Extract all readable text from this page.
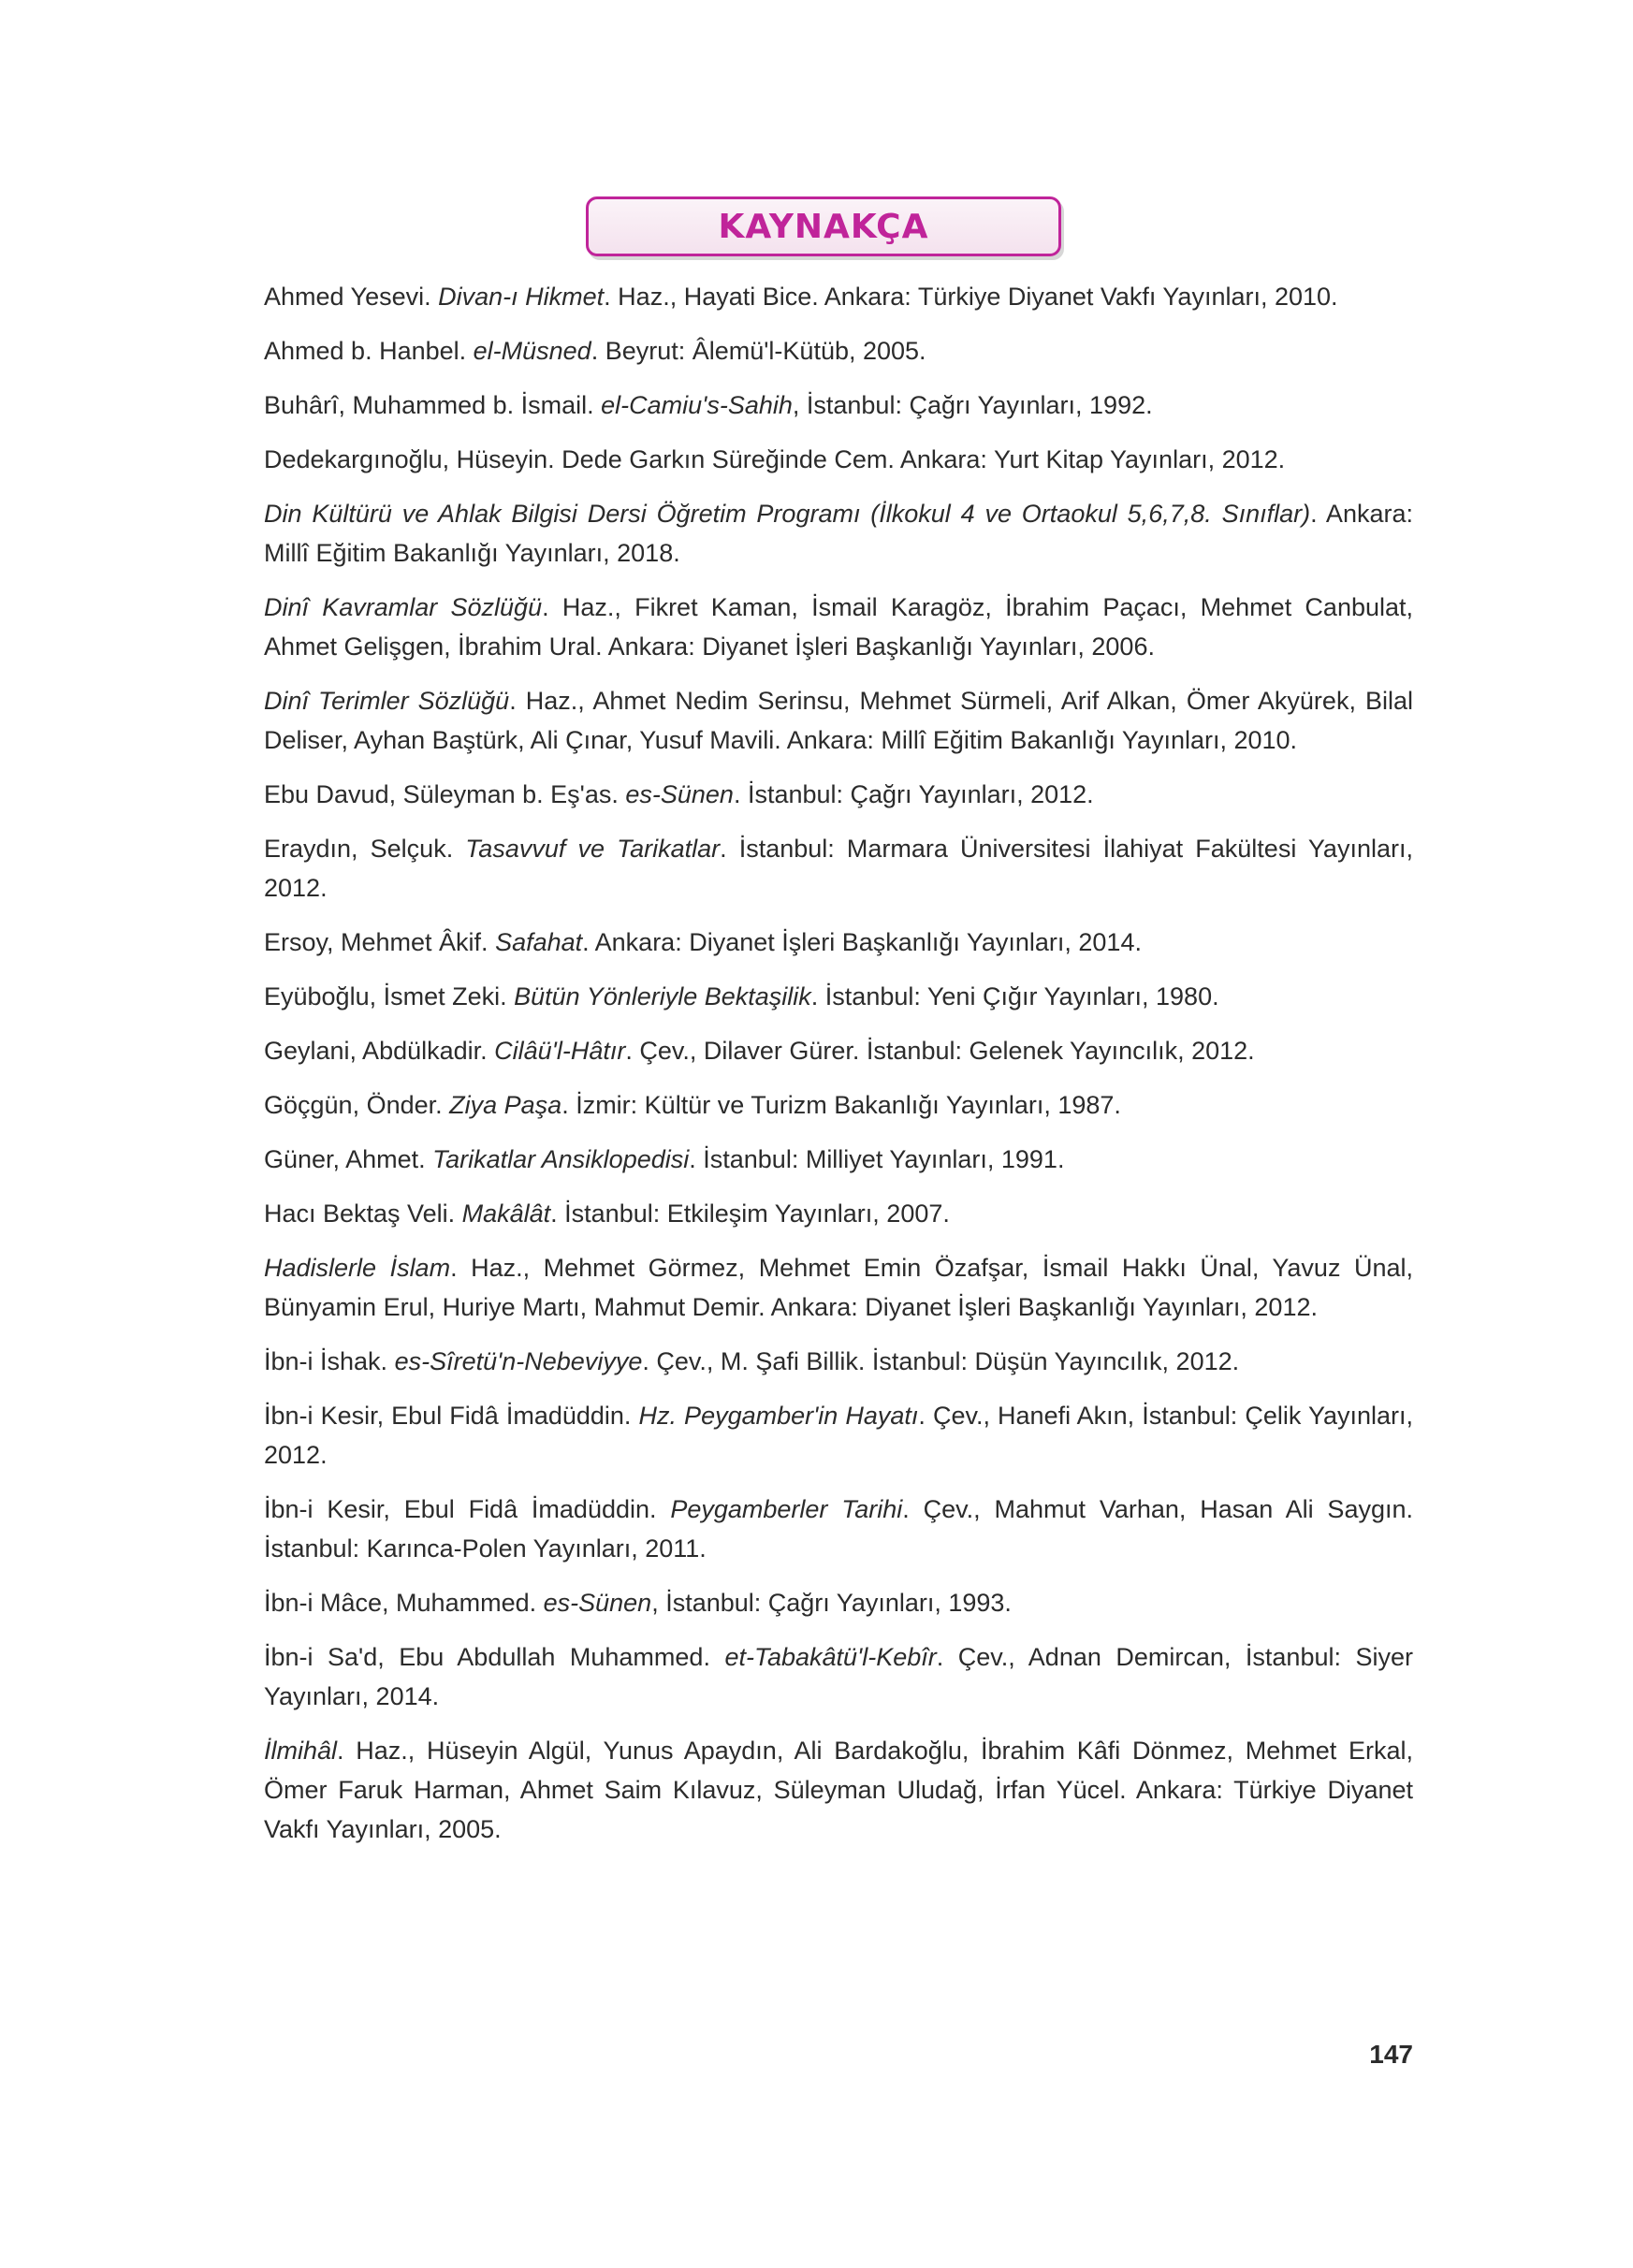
KAYNAKÇA

Ahmed Yesevi. Divan-ı Hikmet. Haz., Hayati Bice. Ankara: Türkiye Diyanet Vakfı Yayınları, 2010.

Ahmed b. Hanbel. el-Müsned. Beyrut: Âlemü'l-Kütüb, 2005.

Buhârî, Muhammed b. İsmail. el-Camiu's-Sahih, İstanbul: Çağrı Yayınları, 1992.

Dedekargınoğlu, Hüseyin. Dede Garkın Süreğinde Cem. Ankara: Yurt Kitap Yayınları, 2012.

Din Kültürü ve Ahlak Bilgisi Dersi Öğretim Programı (İlkokul 4 ve Ortaokul 5,6,7,8. Sınıflar). Ankara: Millî Eğitim Bakanlığı Yayınları, 2018.

Dinî Kavramlar Sözlüğü. Haz., Fikret Kaman, İsmail Karagöz, İbrahim Paçacı, Mehmet Canbulat, Ahmet Gelişgen, İbrahim Ural. Ankara: Diyanet İşleri Başkanlığı Yayınları, 2006.

Dinî Terimler Sözlüğü. Haz., Ahmet Nedim Serinsu, Mehmet Sürmeli, Arif Alkan, Ömer Akyürek, Bilal Deliser, Ayhan Baştürk, Ali Çınar, Yusuf Mavili. Ankara: Millî Eğitim Bakanlığı Yayınları, 2010.

Ebu Davud, Süleyman b. Eş'as. es-Sünen. İstanbul: Çağrı Yayınları, 2012.

Eraydın, Selçuk. Tasavvuf ve Tarikatlar. İstanbul: Marmara Üniversitesi İlahiyat Fakültesi Yayınları, 2012.

Ersoy, Mehmet Âkif. Safahat. Ankara: Diyanet İşleri Başkanlığı Yayınları, 2014.

Eyüboğlu, İsmet Zeki. Bütün Yönleriyle Bektaşilik. İstanbul: Yeni Çığır Yayınları, 1980.

Geylani, Abdülkadir. Cilâü'l-Hâtır. Çev., Dilaver Gürer. İstanbul: Gelenek Yayıncılık, 2012.

Göçgün, Önder. Ziya Paşa. İzmir: Kültür ve Turizm Bakanlığı Yayınları, 1987.

Güner, Ahmet. Tarikatlar Ansiklopedisi. İstanbul: Milliyet Yayınları, 1991.

Hacı Bektaş Veli. Makâlât. İstanbul: Etkileşim Yayınları, 2007.

Hadislerle İslam. Haz., Mehmet Görmez, Mehmet Emin Özafşar, İsmail Hakkı Ünal, Yavuz Ünal, Bünyamin Erul, Huriye Martı, Mahmut Demir. Ankara: Diyanet İşleri Başkanlığı Yayınları, 2012.

İbn-i İshak. es-Sîretü'n-Nebeviyye. Çev., M. Şafi Billik. İstanbul: Düşün Yayıncılık, 2012.

İbn-i Kesir, Ebul Fidâ İmadüddin. Hz. Peygamber'in Hayatı. Çev., Hanefi Akın, İstanbul: Çelik Yayınları, 2012.

İbn-i Kesir, Ebul Fidâ İmadüddin. Peygamberler Tarihi. Çev., Mahmut Varhan, Hasan Ali Saygın. İstanbul: Karınca-Polen Yayınları, 2011.

İbn-i Mâce, Muhammed. es-Sünen, İstanbul: Çağrı Yayınları, 1993.

İbn-i Sa'd, Ebu Abdullah Muhammed. et-Tabakâtü'l-Kebîr. Çev., Adnan Demircan, İstanbul: Siyer Yayınları, 2014.

İlmihâl. Haz., Hüseyin Algül, Yunus Apaydın, Ali Bardakoğlu, İbrahim Kâfi Dönmez, Mehmet Erkal, Ömer Faruk Harman, Ahmet Saim Kılavuz, Süleyman Uludağ, İrfan Yücel. Ankara: Türkiye Diyanet Vakfı Yayınları, 2005.

147
